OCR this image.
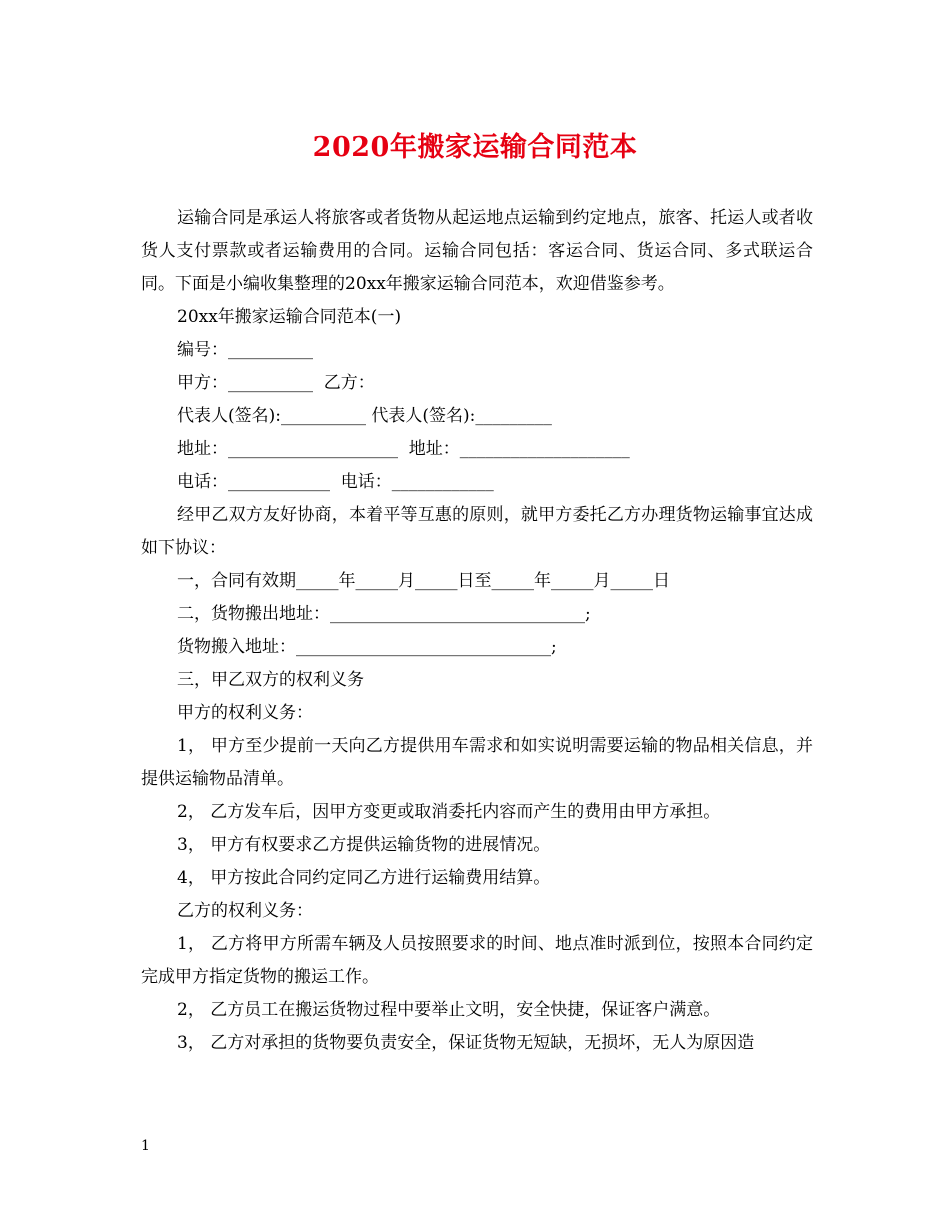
2020年搬家运输合同范本

运输合同是承运人将旅客或者货物从起运地点运输到约定地点，旅客、托运人或者收货人支付票款或者运输费用的合同。运输合同包括：客运合同、货运合同、多式联运合同。下面是小编收集整理的20xx年搬家运输合同范本，欢迎借鉴参考。

20xx年搬家运输合同范本(一)

编号：__________

甲方：__________  乙方：

代表人(签名):__________ 代表人(签名):_________

地址：____________________  地址：____________________

电话：____________  电话：____________

经甲乙双方友好协商，本着平等互惠的原则，就甲方委托乙方办理货物运输事宜达成如下协议：

一，合同有效期_____年_____月_____日至_____年_____月_____日

二，货物搬出地址：______________________________;

货物搬入地址：______________________________;

三，甲乙双方的权利义务

甲方的权利义务：

1， 甲方至少提前一天向乙方提供用车需求和如实说明需要运输的物品相关信息，并提供运输物品清单。

2， 乙方发车后，因甲方变更或取消委托内容而产生的费用由甲方承担。

3， 甲方有权要求乙方提供运输货物的进展情况。

4， 甲方按此合同约定同乙方进行运输费用结算。

乙方的权利义务：

1， 乙方将甲方所需车辆及人员按照要求的时间、地点准时派到位，按照本合同约定完成甲方指定货物的搬运工作。

2， 乙方员工在搬运货物过程中要举止文明，安全快捷，保证客户满意。

3， 乙方对承担的货物要负责安全，保证货物无短缺，无损坏，无人为原因造

1
